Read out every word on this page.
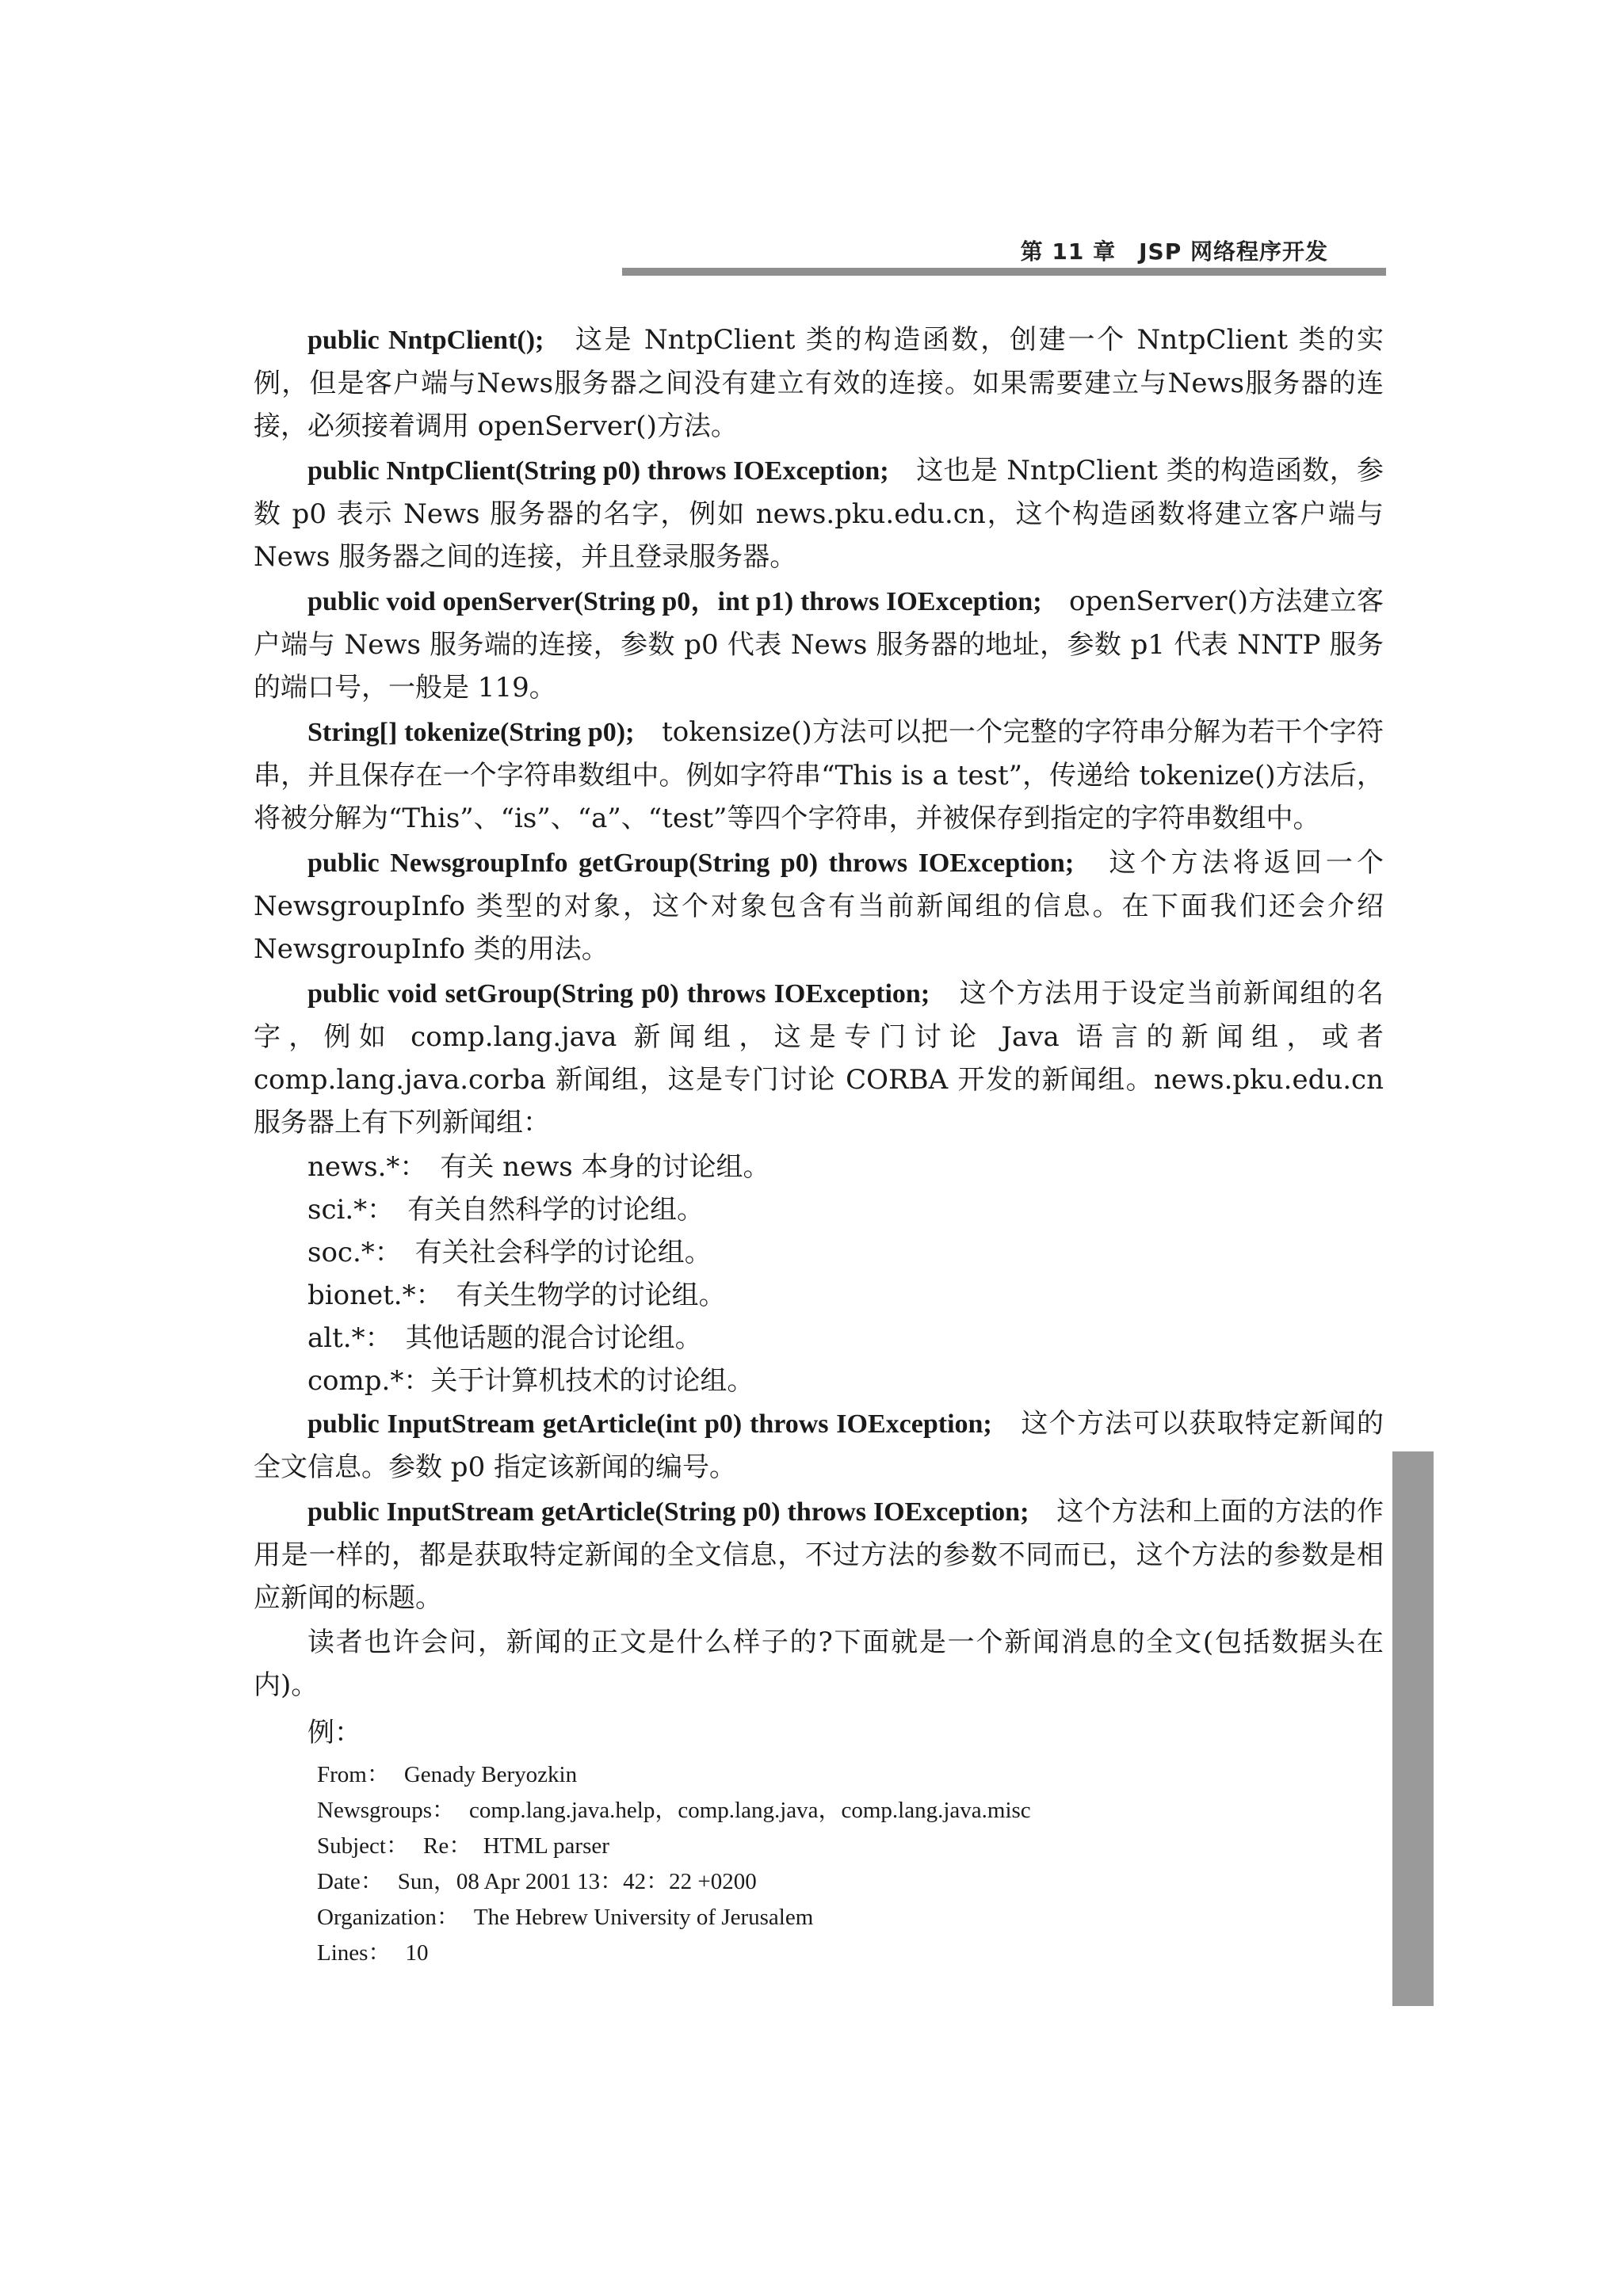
第 11 章　JSP 网络程序开发

public NntpClient();　 这是 NntpClient 类的构造函数，创建一个 NntpClient 类的实例，但是客户端与News服务器之间没有建立有效的连接。如果需要建立与News服务器的连接，必须接着调用 openServer()方法。

public NntpClient(String p0) throws IOException;　 这也是 NntpClient 类的构造函数，参数 p0 表示 News 服务器的名字，例如 news.pku.edu.cn，这个构造函数将建立客户端与News 服务器之间的连接，并且登录服务器。

public void openServer(String p0，int p1) throws IOException;　 openServer()方法建立客户端与 News 服务端的连接，参数 p0 代表 News 服务器的地址，参数 p1 代表 NNTP 服务的端口号，一般是 119。

String[] tokenize(String p0);　 tokensize()方法可以把一个完整的字符串分解为若干个字符串，并且保存在一个字符串数组中。例如字符串“This is a test”，传递给 tokenize()方法后，将被分解为“This”、“is”、“a”、“test”等四个字符串，并被保存到指定的字符串数组中。

public NewsgroupInfo getGroup(String p0) throws IOException;　 这个方法将返回一个 NewsgroupInfo 类型的对象，这个对象包含有当前新闻组的信息。在下面我们还会介绍NewsgroupInfo 类的用法。

public void setGroup(String p0) throws IOException;　 这个方法用于设定当前新闻组的名字，例如 comp.lang.java 新闻组，这是专门讨论 Java 语言的新闻组，或者comp.lang.java.corba 新闻组，这是专门讨论 CORBA 开发的新闻组。news.pku.edu.cn 服务器上有下列新闻组：

news.*：　有关 news 本身的讨论组。

sci.*：　有关自然科学的讨论组。

soc.*：　有关社会科学的讨论组。

bionet.*：　有关生物学的讨论组。

alt.*：　其他话题的混合讨论组。

comp.*：关于计算机技术的讨论组。

public InputStream getArticle(int p0) throws IOException;　 这个方法可以获取特定新闻的全文信息。参数 p0 指定该新闻的编号。

public InputStream getArticle(String p0) throws IOException;　 这个方法和上面的方法的作用是一样的，都是获取特定新闻的全文信息，不过方法的参数不同而已，这个方法的参数是相应新闻的标题。

读者也许会问，新闻的正文是什么样子的?下面就是一个新闻消息的全文(包括数据头在内)。

例：

From： Genady Beryozkin

Newsgroups： comp.lang.java.help，comp.lang.java，comp.lang.java.misc

Subject： Re：　HTML parser

Date： Sun，08 Apr 2001 13：42：22 +0200

Organization： The Hebrew University of Jerusalem

Lines： 10
